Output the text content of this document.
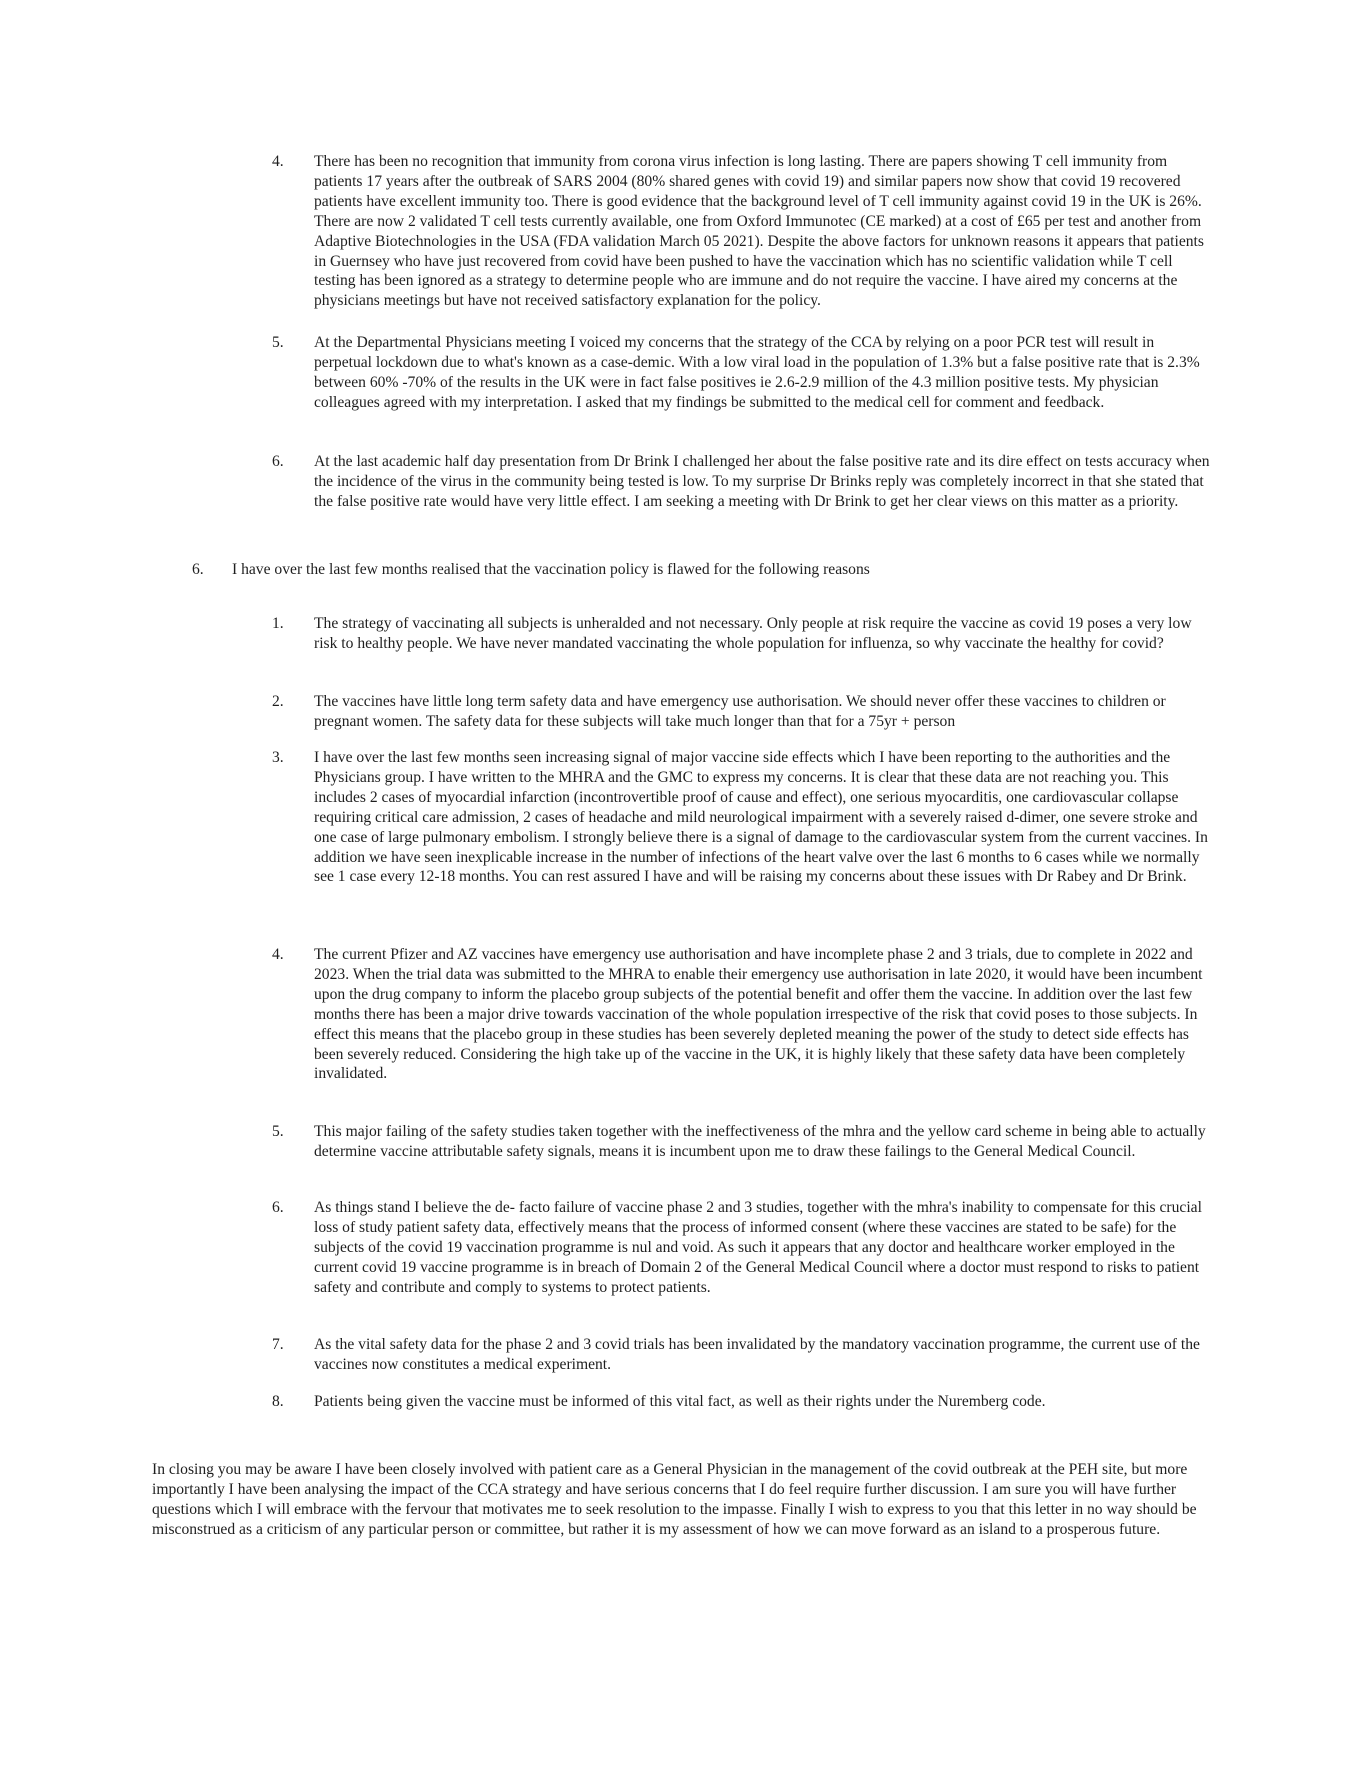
4. There has been no recognition that immunity from corona virus infection is long lasting. There are papers showing T cell immunity from patients 17 years after the outbreak of SARS 2004 (80% shared genes with covid 19) and similar papers now show that covid 19 recovered patients have excellent immunity too. There is good evidence that the background level of T cell immunity against covid 19 in the UK is 26%. There are now 2 validated T cell tests currently available, one from Oxford Immunotec (CE marked) at a cost of £65 per test and another from Adaptive Biotechnologies in the USA (FDA validation March 05 2021). Despite the above factors for unknown reasons it appears that patients in Guernsey who have just recovered from covid have been pushed to have the vaccination which has no scientific validation while T cell testing has been ignored as a strategy to determine people who are immune and do not require the vaccine. I have aired my concerns at the physicians meetings but have not received satisfactory explanation for the policy.
5. At the Departmental Physicians meeting I voiced my concerns that the strategy of the CCA by relying on a poor PCR test will result in perpetual lockdown due to what's known as a case-demic. With a low viral load in the population of 1.3% but a false positive rate that is 2.3% between 60% -70% of the results in the UK were in fact false positives ie 2.6-2.9 million of the 4.3 million positive tests. My physician colleagues agreed with my interpretation. I asked that my findings be submitted to the medical cell for comment and feedback.
6. At the last academic half day presentation from Dr Brink I challenged her about the false positive rate and its dire effect on tests accuracy when the incidence of the virus in the community being tested is low. To my surprise Dr Brinks reply was completely incorrect in that she stated that the false positive rate would have very little effect. I am seeking a meeting with Dr Brink to get her clear views on this matter as a priority.
6. I have over the last few months realised that the vaccination policy is flawed for the following reasons
1. The strategy of vaccinating all subjects is unheralded and not necessary. Only people at risk require the vaccine as covid 19 poses a very low risk to healthy people. We have never mandated vaccinating the whole population for influenza, so why vaccinate the healthy for covid?
2. The vaccines have little long term safety data and have emergency use authorisation. We should never offer these vaccines to children or pregnant women. The safety data for these subjects will take much longer than that for a 75yr + person
3. I have over the last few months seen increasing signal of major vaccine side effects which I have been reporting to the authorities and the Physicians group. I have written to the MHRA and the GMC to express my concerns. It is clear that these data are not reaching you. This includes 2 cases of myocardial infarction (incontrovertible proof of cause and effect), one serious myocarditis, one cardiovascular collapse requiring critical care admission, 2 cases of headache and mild neurological impairment with a severely raised d-dimer, one severe stroke and one case of large pulmonary embolism. I strongly believe there is a signal of damage to the cardiovascular system from the current vaccines. In addition we have seen inexplicable increase in the number of infections of the heart valve over the last 6 months to 6 cases while we normally see 1 case every 12-18 months. You can rest assured I have and will be raising my concerns about these issues with Dr Rabey and Dr Brink.
4. The current Pfizer and AZ vaccines have emergency use authorisation and have incomplete phase 2 and 3 trials, due to complete in 2022 and 2023. When the trial data was submitted to the MHRA to enable their emergency use authorisation in late 2020, it would have been incumbent upon the drug company to inform the placebo group subjects of the potential benefit and offer them the vaccine. In addition over the last few months there has been a major drive towards vaccination of the whole population irrespective of the risk that covid poses to those subjects. In effect this means that the placebo group in these studies has been severely depleted meaning the power of the study to detect side effects has been severely reduced. Considering the high take up of the vaccine in the UK, it is highly likely that these safety data have been completely invalidated.
5. This major failing of the safety studies taken together with the ineffectiveness of the mhra and the yellow card scheme in being able to actually determine vaccine attributable safety signals, means it is incumbent upon me to draw these failings to the General Medical Council.
6. As things stand I believe the de- facto failure of vaccine phase 2 and 3 studies, together with the mhra's inability to compensate for this crucial loss of study patient safety data, effectively means that the process of informed consent (where these vaccines are stated to be safe) for the subjects of the covid 19 vaccination programme is nul and void. As such it appears that any doctor and healthcare worker employed in the current covid 19 vaccine programme is in breach of Domain 2 of the General Medical Council where a doctor must respond to risks to patient safety and contribute and comply to systems to protect patients.
7. As the vital safety data for the phase 2 and 3 covid trials has been invalidated by the mandatory vaccination programme, the current use of the vaccines now constitutes a medical experiment.
8. Patients being given the vaccine must be informed of this vital fact, as well as their rights under the Nuremberg code.
In closing you may be aware I have been closely involved with patient care as a General Physician in the management of the covid outbreak at the PEH site, but more importantly I have been analysing the impact of the CCA strategy and have serious concerns that I do feel require further discussion. I am sure you will have further questions which I will embrace with the fervour that motivates me to seek resolution to the impasse. Finally I wish to express to you that this letter in no way should be misconstrued as a criticism of any particular person or committee, but rather it is my assessment of how we can move forward as an island to a prosperous future.
